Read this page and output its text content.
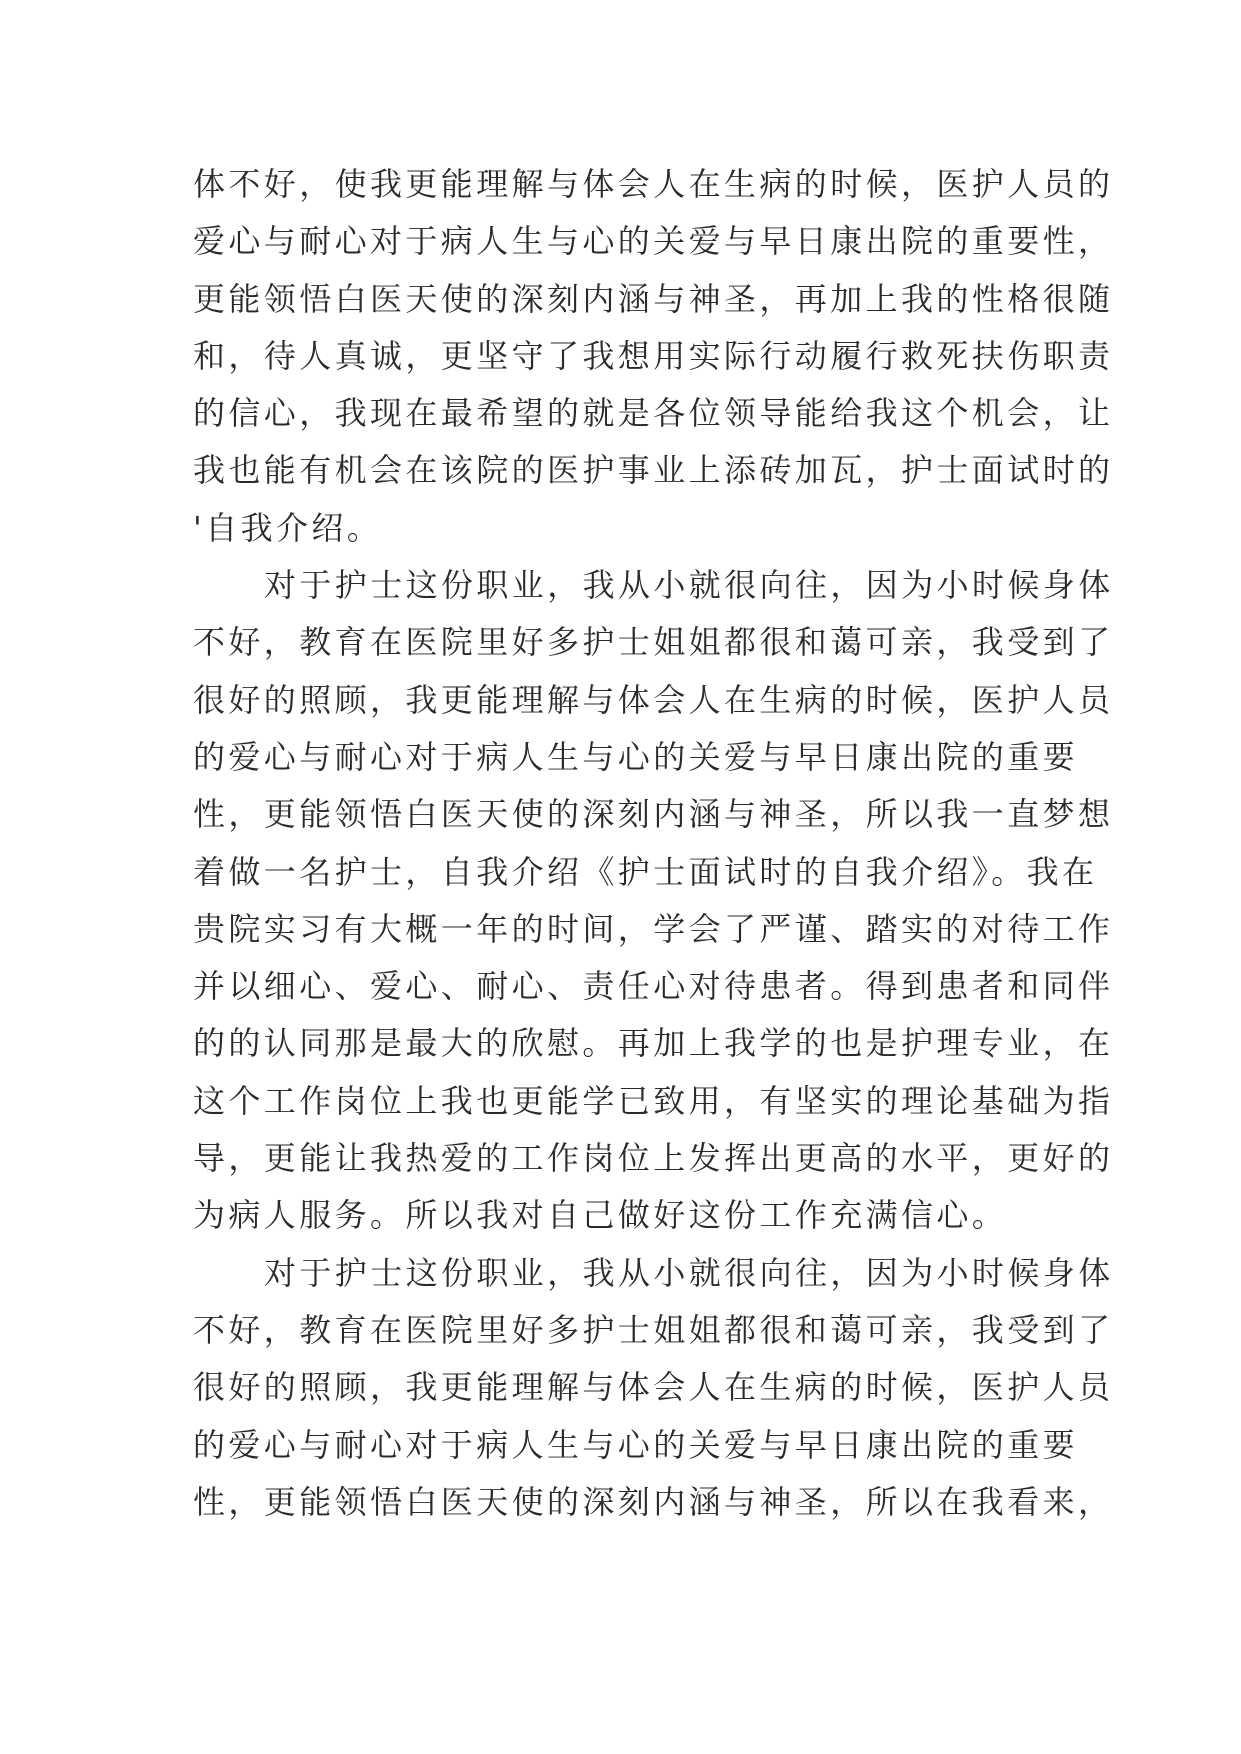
体不好，使我更能理解与体会人在生病的时候，医护人员的
爱心与耐心对于病人生与心的关爱与早日康出院的重要性，
更能领悟白医天使的深刻内涵与神圣，再加上我的性格很随
和，待人真诚，更坚守了我想用实际行动履行救死扶伤职责
的信心，我现在最希望的就是各位领导能给我这个机会，让
我也能有机会在该院的医护事业上添砖加瓦，护士面试时的
'自我介绍。
对于护士这份职业，我从小就很向往，因为小时候身体
不好，教育在医院里好多护士姐姐都很和蔼可亲，我受到了
很好的照顾，我更能理解与体会人在生病的时候，医护人员
的爱心与耐心对于病人生与心的关爱与早日康出院的重要
性，更能领悟白医天使的深刻内涵与神圣，所以我一直梦想
着做一名护士，自我介绍《护士面试时的自我介绍》。我在
贵院实习有大概一年的时间，学会了严谨、踏实的对待工作
并以细心、爱心、耐心、责任心对待患者。得到患者和同伴
的的认同那是最大的欣慰。再加上我学的也是护理专业，在
这个工作岗位上我也更能学已致用，有坚实的理论基础为指
导，更能让我热爱的工作岗位上发挥出更高的水平，更好的
为病人服务。所以我对自己做好这份工作充满信心。
对于护士这份职业，我从小就很向往，因为小时候身体
不好，教育在医院里好多护士姐姐都很和蔼可亲，我受到了
很好的照顾，我更能理解与体会人在生病的时候，医护人员
的爱心与耐心对于病人生与心的关爱与早日康出院的重要
性，更能领悟白医天使的深刻内涵与神圣，所以在我看来，
